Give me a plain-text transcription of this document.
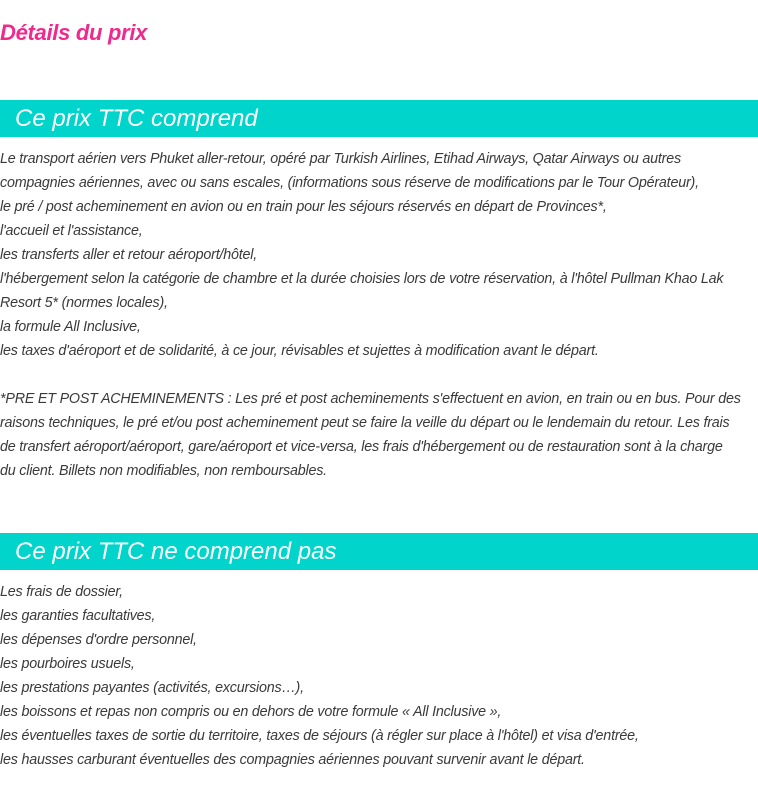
Détails du prix
Ce prix TTC comprend
Le transport aérien vers Phuket aller-retour, opéré par Turkish Airlines, Etihad Airways, Qatar Airways ou autres
compagnies aériennes, avec ou sans escales, (informations sous réserve de modifications par le Tour Opérateur),
le pré / post acheminement en avion ou en train pour les séjours réservés en départ de Provinces*,
l'accueil et l'assistance,
les transferts aller et retour aéroport/hôtel,
l'hébergement selon la catégorie de chambre et la durée choisies lors de votre réservation, à l'hôtel Pullman Khao Lak
Resort 5* (normes locales),
la formule All Inclusive,
les taxes d'aéroport et de solidarité, à ce jour, révisables et sujettes à modification avant le départ.
*PRE ET POST ACHEMINEMENTS : Les pré et post acheminements s'effectuent en avion, en train ou en bus. Pour des
raisons techniques, le pré et/ou post acheminement peut se faire la veille du départ ou le lendemain du retour. Les frais
de transfert aéroport/aéroport, gare/aéroport et vice-versa, les frais d'hébergement ou de restauration sont à la charge
du client. Billets non modifiables, non remboursables.
Ce prix TTC ne comprend pas
Les frais de dossier,
les garanties facultatives,
les dépenses d'ordre personnel,
les pourboires usuels,
les prestations payantes (activités, excursions…),
les boissons et repas non compris ou en dehors de votre formule « All Inclusive »,
les éventuelles taxes de sortie du territoire, taxes de séjours (à régler sur place à l'hôtel) et visa d'entrée,
les hausses carburant éventuelles des compagnies aériennes pouvant survenir avant le départ.
